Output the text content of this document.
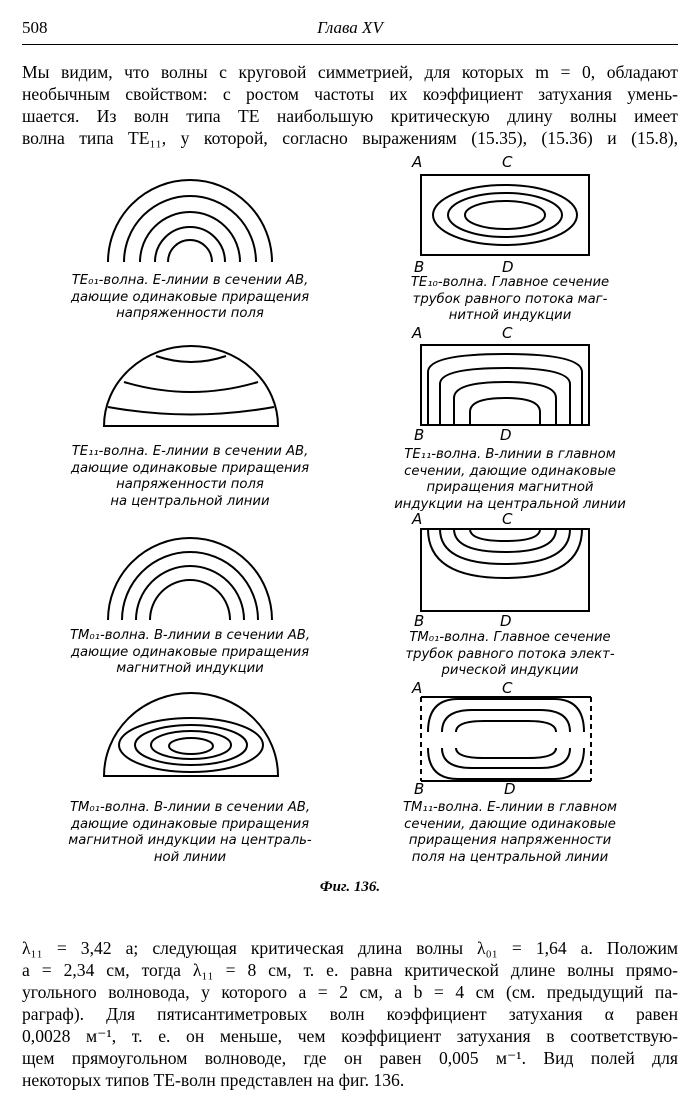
508	Глава XV

Мы видим, что волны с круговой симметрией, для которых m = 0, обладают

необычным свойством: с ростом частоты их коэффициент затухания умень-

шается. Из волн типа TE наибольшую критическую длину волны имеет

волна типа TE₁₁, у которой, согласно выражениям (15.35), (15.36) и (15.8),

TE₀₁-волна. E-линии в сечении AB,
дающие одинаковые приращения
напряженности поля
TE₁₁-волна. E-линии в сечении AB,
дающие одинаковые приращения
напряженности поля
на центральной линии
TM₀₁-волна. B-линии в сечении AB,
дающие одинаковые приращения
магнитной индукции
TM₀₁-волна. B-линии в сечении AB,
дающие одинаковые приращения
магнитной индукции на централь-
ной линии
A	C
B	D
TE₁₀-волна. Главное сечение
трубок равного потока маг-
нитной индукции
A	C
B	D
TE₁₁-волна. B-линии в главном
сечении, дающие одинаковые
приращения магнитной
индукции на центральной линии
A	C
B	D
TM₀₁-волна. Главное сечение
трубок равного потока элект-
рической индукции
A	C
B	D
TM₁₁-волна. E-линии в главном
сечении, дающие одинаковые
приращения напряженности
поля на центральной линии
Фиг. 136.

λ₁₁ = 3,42 a; следующая критическая длина волны λ₀₁ = 1,64 a. Положим

a = 2,34 см, тогда λ₁₁ = 8 см, т. е. равна критической длине волны прямо-

угольного волновода, у которого a = 2 см, а b = 4 см (см. предыдущий па-

раграф). Для пятисантиметровых волн коэффициент затухания α равен

0,0028 м⁻¹, т. е. он меньше, чем коэффициент затухания в соответствую-

щем прямоугольном волноводе, где он равен 0,005 м⁻¹. Вид полей для

некоторых типов TE-волн представлен на фиг. 136.
